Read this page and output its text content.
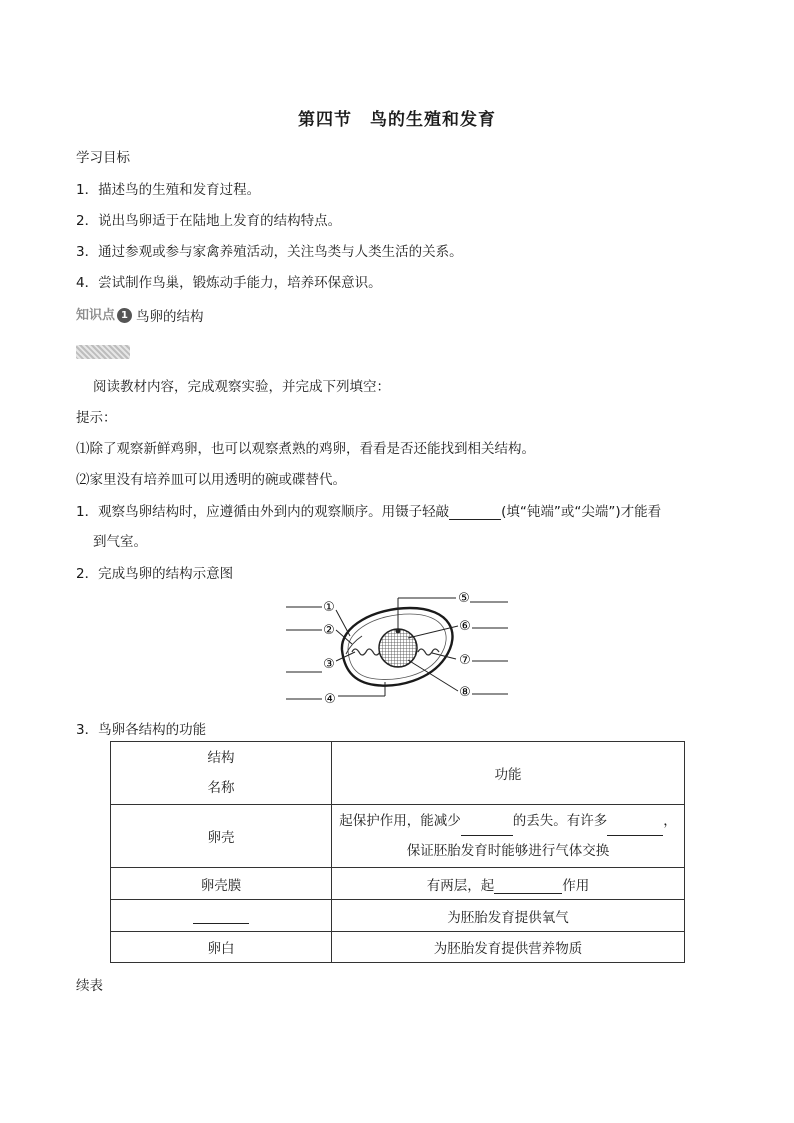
第四节　鸟的生殖和发育
学习目标
1．描述鸟的生殖和发育过程。
2．说出鸟卵适于在陆地上发育的结构特点。
3．通过参观或参与家禽养殖活动，关注鸟类与人类生活的关系。
4．尝试制作鸟巢，锻炼动手能力，培养环保意识。
知识点 1 鸟卵的结构
阅读教材内容，完成观察实验，并完成下列填空：
提示：
⑴除了观察新鲜鸡卵，也可以观察煮熟的鸡卵，看看是否还能找到相关结构。
⑵家里没有培养皿可以用透明的碗或碟替代。
1．观察鸟卵结构时，应遵循由外到内的观察顺序。用镊子轻敲	(填“钝端”或“尖端”)才能看
到气室。
2．完成鸟卵的结构示意图
①
②
③
④
⑤
⑥
⑦
⑧
3．鸟卵各结构的功能
结构
名称	功能
卵壳	起保护作用，能减少 的丢失。有许多 ，
保证胚胎发育时能够进行气体交换

卵壳膜	有两层，起 作用
	为胚胎发育提供氧气
卵白	为胚胎发育提供营养物质
续表
